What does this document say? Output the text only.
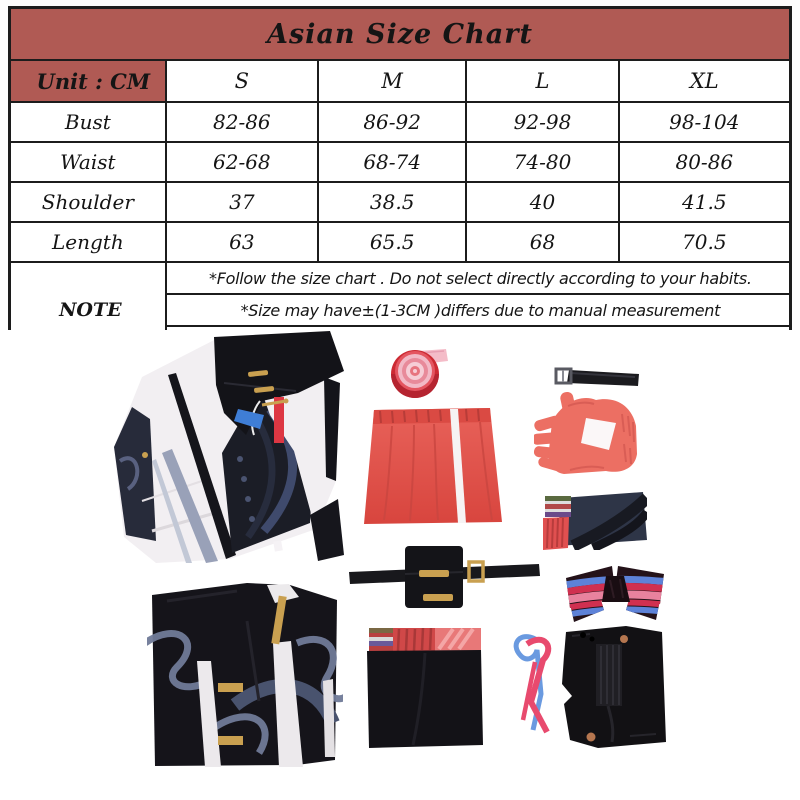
Asian Size Chart				
Unit : CM	S	M	L	XL
Bust	82-86	86-92	92-98	98-104
Waist	62-68	68-74	74-80	80-86
Shoulder	37	38.5	40	41.5
Length	63	65.5	68	70.5
NOTE	*Follow the size chart . Do not select directly according to your habits.			
	*Size may have±(1-3CM )differs due to manual measurement			
